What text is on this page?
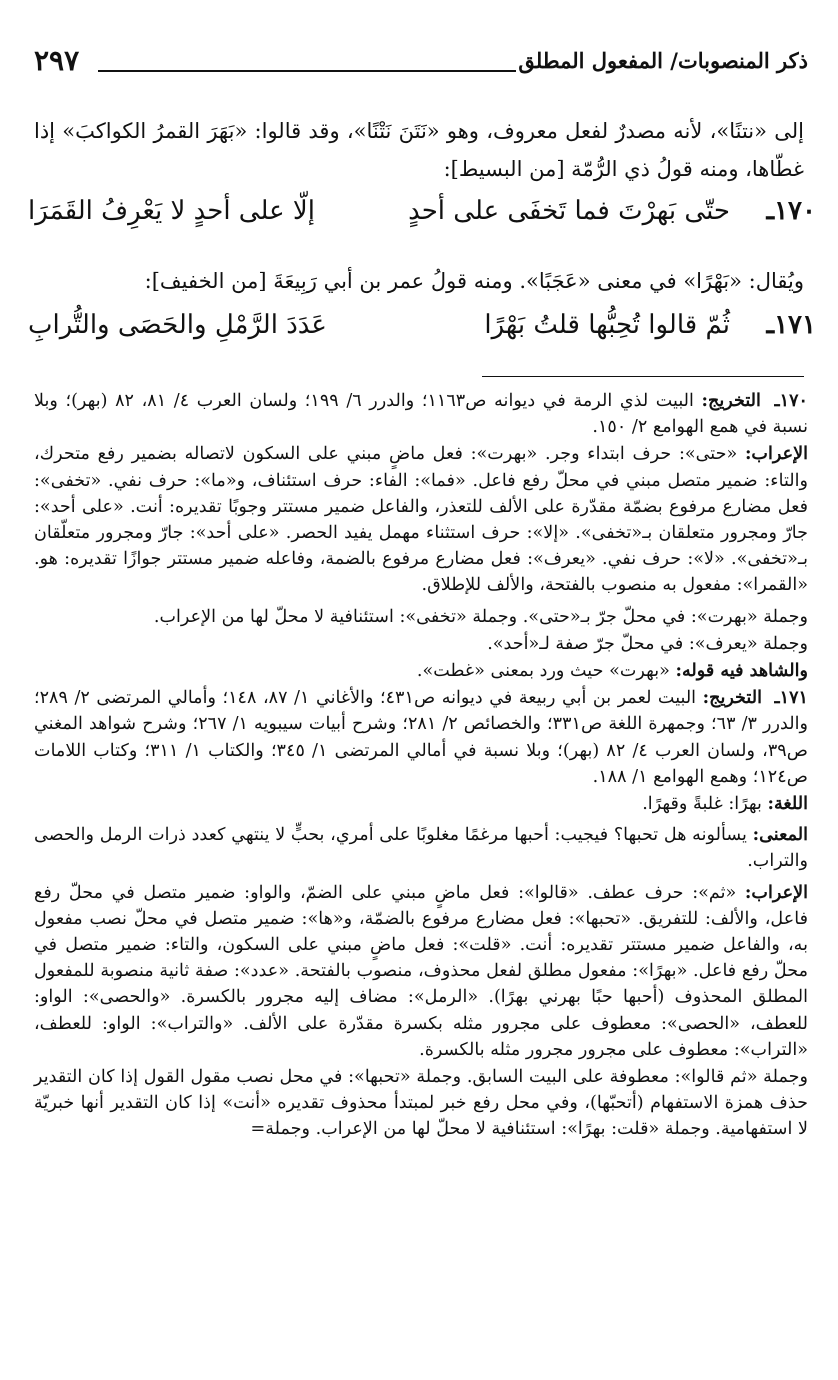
ذكر المنصوبات/ المفعول المطلق
٢٩٧

إلى «نتنًا»، لأنه مصدرٌ لفعل معروف، وهو «نَتَنَ نَتْنًا»، وقد قالوا: «بَهَرَ القمرُ الكواكبَ» إذا غطّاها، ومنه قولُ ذي الرُّمّة [من البسيط]:

١٧٠ـ
حتّى بَهرْتَ فما تَخفَى على أحدٍ
إلّا على أحدٍ لا يَعْرِفُ القَمَرَا

ويُقال: «بَهْرًا» في معنى «عَجَبًا». ومنه قولُ عمر بن أبي رَبِيعَةَ [من الخفيف]:

١٧١ـ
ثُمّ قالوا تُحِبُّها قلتُ بَهْرًا
عَدَدَ الرَّمْلِ والحَصَى والتُّرابِ

١٧٠ـ التخريج: البيت لذي الرمة في ديوانه ص١١٦٣؛ والدرر ٦/ ١٩٩؛ ولسان العرب ٤/ ٨١، ٨٢ (بهر)؛ وبلا نسبة في همع الهوامع ٢/ ١٥٠.

الإعراب: «حتى»: حرف ابتداء وجر. «بهرت»: فعل ماضٍ مبني على السكون لاتصاله بضمير رفع متحرك، والتاء: ضمير متصل مبني في محلّ رفع فاعل. «فما»: الفاء: حرف استئناف، و«ما»: حرف نفي. «تخفى»: فعل مضارع مرفوع بضمّة مقدّرة على الألف للتعذر، والفاعل ضمير مستتر وجوبًا تقديره: أنت. «على أحد»: جارّ ومجرور متعلقان بـ«تخفى». «إلا»: حرف استثناء مهمل يفيد الحصر. «على أحد»: جارّ ومجرور متعلّقان بـ«تخفى». «لا»: حرف نفي. «يعرف»: فعل مضارع مرفوع بالضمة، وفاعله ضمير مستتر جوازًا تقديره: هو. «القمرا»: مفعول به منصوب بالفتحة، والألف للإطلاق.

وجملة «بهرت»: في محلّ جرّ بـ«حتى». وجملة «تخفى»: استئنافية لا محلّ لها من الإعراب.

وجملة «يعرف»: في محلّ جرّ صفة لـ«أحد».

والشاهد فيه قوله: «بهرت» حيث ورد بمعنى «غطت».

١٧١ـ التخريج: البيت لعمر بن أبي ربيعة في ديوانه ص٤٣١؛ والأغاني ١/ ٨٧، ١٤٨؛ وأمالي المرتضى ٢/ ٢٨٩؛ والدرر ٣/ ٦٣؛ وجمهرة اللغة ص٣٣١؛ والخصائص ٢/ ٢٨١؛ وشرح أبيات سيبويه ١/ ٢٦٧؛ وشرح شواهد المغني ص٣٩، ولسان العرب ٤/ ٨٢ (بهر)؛ وبلا نسبة في أمالي المرتضى ١/ ٣٤٥؛ والكتاب ١/ ٣١١؛ وكتاب اللامات ص١٢٤؛ وهمع الهوامع ١/ ١٨٨.

اللغة: بهرًا: غلبةً وقهرًا.

المعنى: يسألونه هل تحبها؟ فيجيب: أحبها مرغمًا مغلوبًا على أمري، بحبٍّ لا ينتهي كعدد ذرات الرمل والحصى والتراب.

الإعراب: «ثم»: حرف عطف. «قالوا»: فعل ماضٍ مبني على الضمّ، والواو: ضمير متصل في محلّ رفع فاعل، والألف: للتفريق. «تحبها»: فعل مضارع مرفوع بالضمّة، و«ها»: ضمير متصل في محلّ نصب مفعول به، والفاعل ضمير مستتر تقديره: أنت. «قلت»: فعل ماضٍ مبني على السكون، والتاء: ضمير متصل في محلّ رفع فاعل. «بهرًا»: مفعول مطلق لفعل محذوف، منصوب بالفتحة. «عدد»: صفة ثانية منصوبة للمفعول المطلق المحذوف (أحبها حبًا بهرني بهرًا). «الرمل»: مضاف إليه مجرور بالكسرة. «والحصى»: الواو: للعطف، «الحصى»: معطوف على مجرور مثله بكسرة مقدّرة على الألف. «والتراب»: الواو: للعطف، «التراب»: معطوف على مجرور مجرور مثله بالكسرة.

وجملة «ثم قالوا»: معطوفة على البيت السابق. وجملة «تحبها»: في محل نصب مقول القول إذا كان التقدير حذف همزة الاستفهام (أتحبّها)، وفي محل رفع خبر لمبتدأ محذوف تقديره «أنت» إذا كان التقدير أنها خبريّة لا استفهامية. وجملة «قلت: بهرًا»: استئنافية لا محلّ لها من الإعراب. وجملة=
